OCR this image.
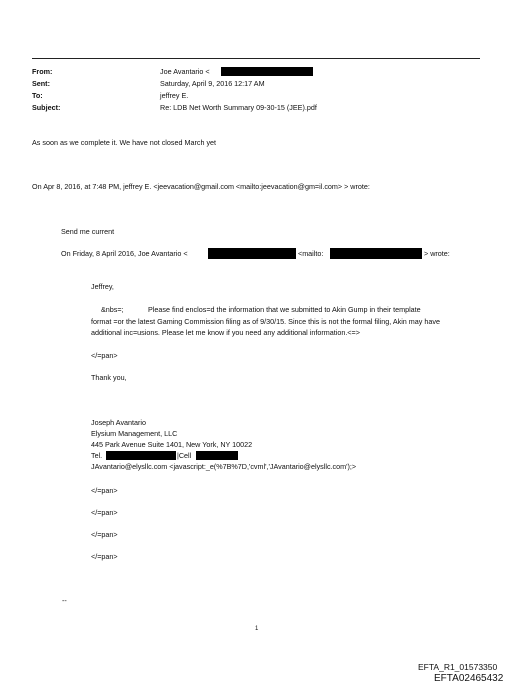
From:	Joe Avantario <
Sent:	Saturday, April 9, 2016 12:17 AM
To:	jeffrey E.
Subject:	Re: LDB Net Worth Summary 09-30-15 (JEE).pdf
As soon as we complete it. We have not closed March yet
On Apr 8, 2016, at 7:48 PM, jeffrey E. <jeevacation@gmail.com <mailto:jeevacation@gm=il.com> > wrote:
Send me current
On Friday, 8 April 2016, Joe Avantario <	<mailto:	> wrote:
Jeffrey,
&nbs=;	Please find enclos=d the information that we submitted to Akin Gump in their template
format =or the latest Gaming Commission filing as of 9/30/15. Since this is not the formal filing, Akin may have
additional inc=usions. Please let me know if you need any additional information.<=>
</=pan>
Thank you,
Joseph Avantario
Elysium Management, LLC
445 Park Avenue Suite 1401, New York, NY 10022
Tel.	|Cell
JAvantario@elysllc.com <javascript:_e(%7B%7D,'cvml','JAvantario@elysllc.com');>
</=pan>
</=pan>
</=pan>
</=pan>
--
1
EFTA_R1_01573350
EFTA02465432
